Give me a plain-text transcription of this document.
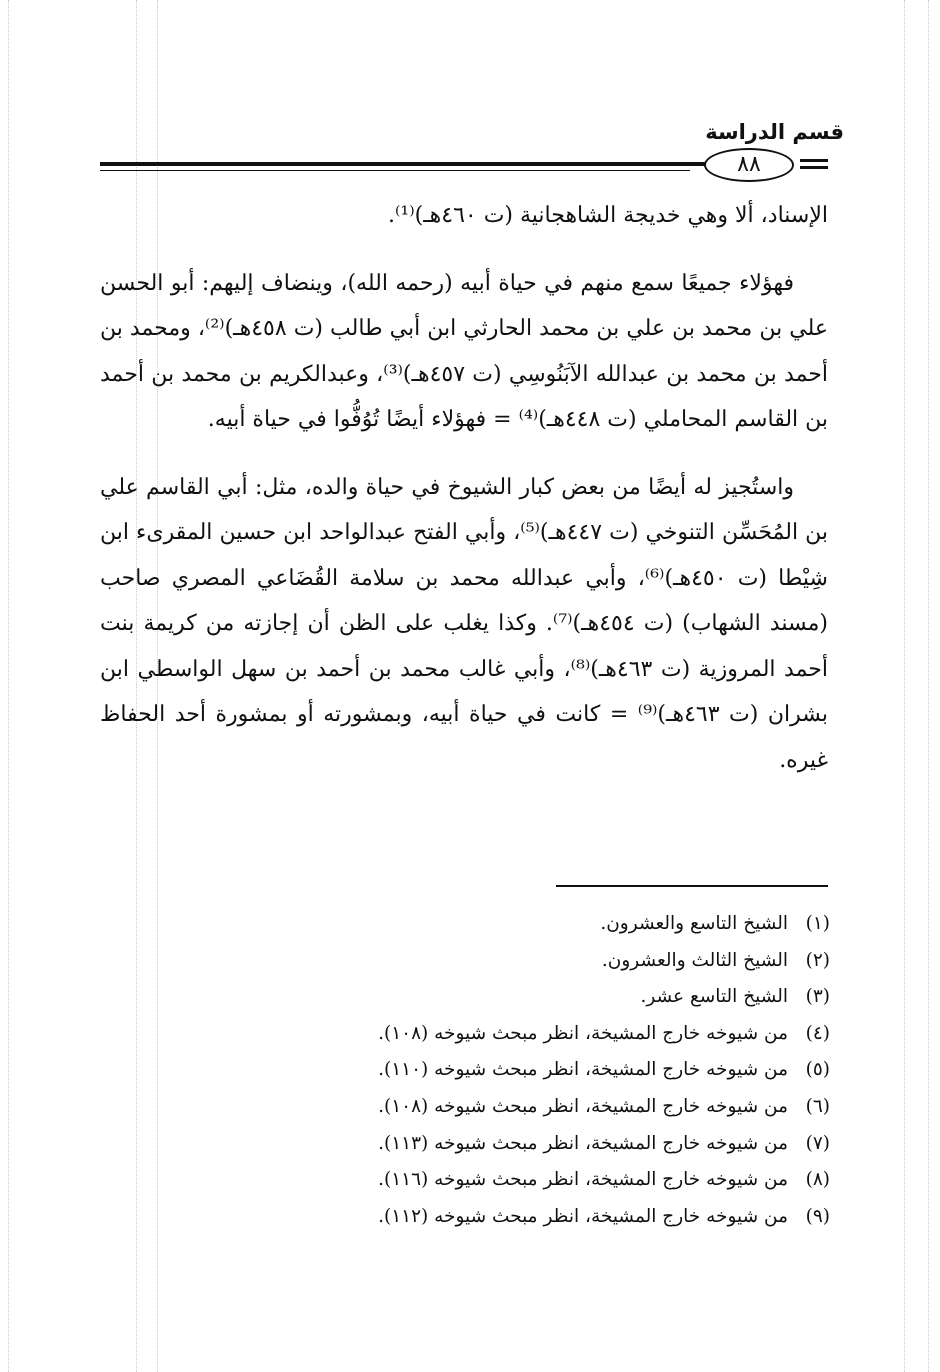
قسم الدراسة
٨٨

الإسناد، ألا وهي خديجة الشاهجانية (ت ٤٦٠هـ)⁽¹⁾.

فهؤلاء جميعًا سمع منهم في حياة أبيه (رحمه الله)، وينضاف إليهم: أبو الحسن علي بن محمد بن علي بن محمد الحارثي ابن أبي طالب (ت ٤٥٨هـ)⁽²⁾، ومحمد بن أحمد بن محمد بن عبدالله الآبَنُوسِي (ت ٤٥٧هـ)⁽³⁾، وعبدالكريم بن محمد بن أحمد بن القاسم المحاملي (ت ٤٤٨هـ)⁽⁴⁾ = فهؤلاء أيضًا تُوُفُّوا في حياة أبيه.

واستُجيز له أيضًا من بعض كبار الشيوخ في حياة والده، مثل: أبي القاسم علي بن المُحَسِّن التنوخي (ت ٤٤٧هـ)⁽⁵⁾، وأبي الفتح عبدالواحد ابن حسين المقرىء ابن شِيْطا (ت ٤٥٠هـ)⁽⁶⁾، وأبي عبدالله محمد بن سلامة القُضَاعي المصري صاحب (مسند الشهاب) (ت ٤٥٤هـ)⁽⁷⁾. وكذا يغلب على الظن أن إجازته من كريمة بنت أحمد المروزية (ت ٤٦٣هـ)⁽⁸⁾، وأبي غالب محمد بن أحمد بن سهل الواسطي ابن بشران (ت ٤٦٣هـ)⁽⁹⁾ = كانت في حياة أبيه، وبمشورته أو بمشورة أحد الحفاظ غيره.

(١)الشيخ التاسع والعشرون.
(٢)الشيخ الثالث والعشرون.
(٣)الشيخ التاسع عشر.
(٤)من شيوخه خارج المشيخة، انظر مبحث شيوخه (١٠٨).
(٥)من شيوخه خارج المشيخة، انظر مبحث شيوخه (١١٠).
(٦)من شيوخه خارج المشيخة، انظر مبحث شيوخه (١٠٨).
(٧)من شيوخه خارج المشيخة، انظر مبحث شيوخه (١١٣).
(٨)من شيوخه خارج المشيخة، انظر مبحث شيوخه (١١٦).
(٩)من شيوخه خارج المشيخة، انظر مبحث شيوخه (١١٢).
